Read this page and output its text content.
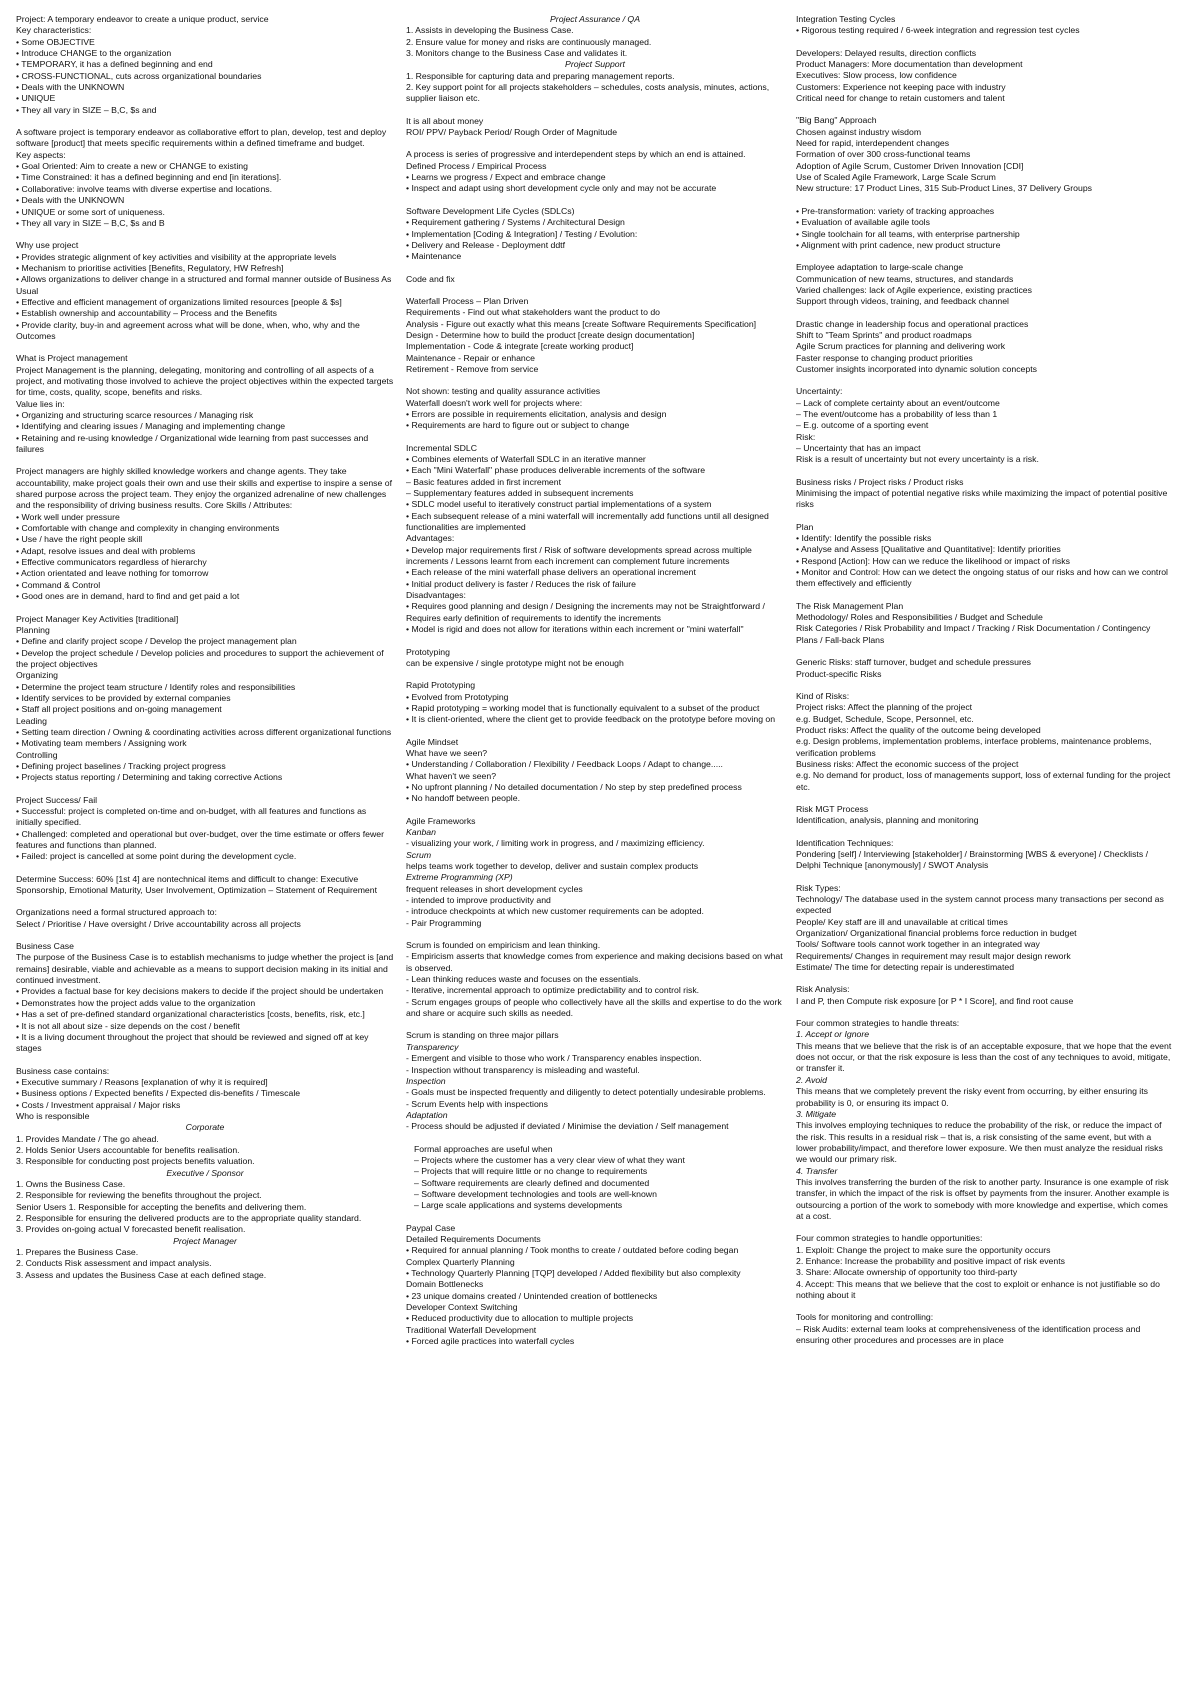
Project: A temporary endeavor to create a unique product, service
Key characteristics:
• Some OBJECTIVE
• Introduce CHANGE to the organization
• TEMPORARY, it has a defined beginning and end
• CROSS-FUNCTIONAL, cuts across organizational boundaries
• Deals with the UNKNOWN
• UNIQUE
• They all vary in SIZE – B,C, $s and
A software project is temporary endeavor as collaborative effort to plan, develop, test and deploy software [product] that meets specific requirements within a defined timeframe and budget.
Key aspects:
• Goal Oriented: Aim to create a new or CHANGE to existing
• Time Constrained: it has a defined beginning and end [in iterations].
• Collaborative: involve teams with diverse expertise and locations.
• Deals with the UNKNOWN
• UNIQUE or some sort of uniqueness.
• They all vary in SIZE – B,C, $s and B
Why use project
• Provides strategic alignment of key activities and visibility at the appropriate levels
• Mechanism to prioritise activities [Benefits, Regulatory, HW Refresh]
• Allows organizations to deliver change in a structured and formal manner outside of Business As Usual
• Effective and efficient management of organizations limited resources [people & $s]
• Establish ownership and accountability – Process and the Benefits
• Provide clarity, buy-in and agreement across what will be done, when, who, why and the Outcomes
What is Project management
Project Management is the planning, delegating, monitoring and controlling of all aspects of a project, and motivating those involved to achieve the project objectives within the expected targets for time, costs, quality, scope, benefits and risks.
Value lies in:
• Organizing and structuring scarce resources / Managing risk
• Identifying and clearing issues / Managing and implementing change
• Retaining and re-using knowledge / Organizational wide learning from past successes and failures
Project managers are highly skilled knowledge workers and change agents. They take accountability, make project goals their own and use their skills and expertise to inspire a sense of shared purpose across the project team. They enjoy the organized adrenaline of new challenges and the responsibility of driving business results. Core Skills / Attributes:
• Work well under pressure
• Comfortable with change and complexity in changing environments
• Use / have the right people skill
• Adapt, resolve issues and deal with problems
• Effective communicators regardless of hierarchy
• Action orientated and leave nothing for tomorrow
• Command & Control
• Good ones are in demand, hard to find and get paid a lot
Project Manager Key Activities [traditional]
Planning
• Define and clarify project scope / Develop the project management plan
• Develop the project schedule / Develop policies and procedures to support the achievement of the project objectives
Organizing
• Determine the project team structure / Identify roles and responsibilities
• Identify services to be provided by external companies
• Staff all project positions and on-going management
Leading
• Setting team direction / Owning & coordinating activities across different organizational functions
• Motivating team members / Assigning work
Controlling
• Defining project baselines / Tracking project progress
• Projects status reporting / Determining and taking corrective Actions
Project Success/ Fail
• Successful: project is completed on-time and on-budget, with all features and functions as initially specified.
• Challenged: completed and operational but over-budget, over the time estimate or offers fewer features and functions than planned.
• Failed: project is cancelled at some point during the development cycle.
Determine Success: 60% [1st 4] are nontechnical items and difficult to change: Executive Sponsorship, Emotional Maturity, User Involvement, Optimization – Statement of Requirement
Organizations need a formal structured approach to:
Select / Prioritise / Have oversight / Drive accountability across all projects
Business Case
The purpose of the Business Case is to establish mechanisms to judge whether the project is [and remains] desirable, viable and achievable as a means to support decision making in its initial and continued investment.
• Provides a factual base for key decisions makers to decide if the project should be undertaken
• Demonstrates how the project adds value to the organization
• Has a set of pre-defined standard organizational characteristics [costs, benefits, risk, etc.]
• It is not all about size - size depends on the cost / benefit
• It is a living document throughout the project that should be reviewed and signed off at key stages
Business case contains:
• Executive summary / Reasons [explanation of why it is required]
• Business options / Expected benefits / Expected dis-benefits / Timescale
• Costs / Investment appraisal / Major risks
Who is responsible
Corporate
1. Provides Mandate / The go ahead.
2. Holds Senior Users accountable for benefits realisation.
3. Responsible for conducting post projects benefits valuation.
Executive / Sponsor
1. Owns the Business Case.
2. Responsible for reviewing the benefits throughout the project.
Senior Users 1. Responsible for accepting the benefits and delivering them.
2. Responsible for ensuring the delivered products are to the appropriate quality standard.
3. Provides on-going actual V forecasted benefit realisation.
Project Manager
1. Prepares the Business Case.
2. Conducts Risk assessment and impact analysis.
3. Assess and updates the Business Case at each defined stage.
Project Assurance / QA
1. Assists in developing the Business Case.
2. Ensure value for money and risks are continuously managed.
3. Monitors change to the Business Case and validates it.
Project Support
1. Responsible for capturing data and preparing management reports.
2. Key support point for all projects stakeholders – schedules, costs analysis, minutes, actions, supplier liaison etc.
It is all about money
ROI/ PPV/ Payback Period/ Rough Order of Magnitude
A process is series of progressive and interdependent steps by which an end is attained.
Defined Process / Empirical Process
• Learns we progress / Expect and embrace change
• Inspect and adapt using short development cycle only and may not be accurate
Software Development Life Cycles (SDLCs)
• Requirement gathering / Systems / Architectural Design
• Implementation [Coding & Integration] / Testing / Evolution:
• Delivery and Release - Deployment ddtf
• Maintenance
Code and fix
Waterfall Process – Plan Driven
Requirements - Find out what stakeholders want the product to do
Analysis - Figure out exactly what this means [create Software Requirements Specification]
Design - Determine how to build the product [create design documentation]
Implementation - Code & integrate [create working product]
Maintenance - Repair or enhance
Retirement - Remove from service
Not shown: testing and quality assurance activities
Waterfall doesn't work well for projects where:
• Errors are possible in requirements elicitation, analysis and design
• Requirements are hard to figure out or subject to change
Incremental SDLC
• Combines elements of Waterfall SDLC in an iterative manner
• Each "Mini Waterfall" phase produces deliverable increments of the software
– Basic features added in first increment
– Supplementary features added in subsequent increments
• SDLC model useful to iteratively construct partial implementations of a system
• Each subsequent release of a mini waterfall will incrementally add functions until all designed functionalities are implemented
Advantages:
• Develop major requirements first / Risk of software developments spread across multiple increments / Lessons learnt from each increment can complement future increments
• Each release of the mini waterfall phase delivers an operational increment
• Initial product delivery is faster / Reduces the risk of failure
Disadvantages:
• Requires good planning and design / Designing the increments may not be Straightforward / Requires early definition of requirements to identify the increments
• Model is rigid and does not allow for iterations within each increment or "mini waterfall"
Prototyping
can be expensive / single prototype might not be enough
Rapid Prototyping
• Evolved from Prototyping
• Rapid prototyping = working model that is functionally equivalent to a subset of the product
• It is client-oriented, where the client get to provide feedback on the prototype before moving on
Agile Mindset
What have we seen?
• Understanding / Collaboration / Flexibility / Feedback Loops / Adapt to change.....
What haven't we seen?
• No upfront planning / No detailed documentation / No step by step predefined process
• No handoff between people.
Agile Frameworks
Kanban
- visualizing your work, / limiting work in progress, and / maximizing efficiency.
Scrum
helps teams work together to develop, deliver and sustain complex products
Extreme Programming (XP)
frequent releases in short development cycles
- intended to improve productivity and
- introduce checkpoints at which new customer requirements can be adopted.
- Pair Programming
Scrum is founded on empiricism and lean thinking.
- Empiricism asserts that knowledge comes from experience and making decisions based on what is observed.
- Lean thinking reduces waste and focuses on the essentials.
- Iterative, incremental approach to optimize predictability and to control risk.
- Scrum engages groups of people who collectively have all the skills and expertise to do the work and share or acquire such skills as needed.
Scrum is standing on three major pillars
Transparency
- Emergent and visible to those who work / Transparency enables inspection.
- Inspection without transparency is misleading and wasteful.
Inspection
- Goals must be inspected frequently and diligently to detect potentially undesirable problems.
- Scrum Events help with inspections
Adaptation
- Process should be adjusted if deviated / Minimise the deviation / Self management
Formal approaches are useful when
– Projects where the customer has a very clear view of what they want
– Projects that will require little or no change to requirements
– Software requirements are clearly defined and documented
– Software development technologies and tools are well-known
– Large scale applications and systems developments
Paypal Case
Detailed Requirements Documents
• Required for annual planning / Took months to create / outdated before coding began
Complex Quarterly Planning
• Technology Quarterly Planning [TQP] developed / Added flexibility but also complexity
Domain Bottlenecks
• 23 unique domains created / Unintended creation of bottlenecks
Developer Context Switching
• Reduced productivity due to allocation to multiple projects
Traditional Waterfall Development
• Forced agile practices into waterfall cycles
Integration Testing Cycles
• Rigorous testing required / 6-week integration and regression test cycles
Developers: Delayed results, direction conflicts
Product Managers: More documentation than development
Executives: Slow process, low confidence
Customers: Experience not keeping pace with industry
Critical need for change to retain customers and talent
"Big Bang" Approach
Chosen against industry wisdom
Need for rapid, interdependent changes
Formation of over 300 cross-functional teams
Adoption of Agile Scrum, Customer Driven Innovation [CDI]
Use of Scaled Agile Framework, Large Scale Scrum
New structure: 17 Product Lines, 315 Sub-Product Lines, 37 Delivery Groups
• Pre-transformation: variety of tracking approaches
• Evaluation of available agile tools
• Single toolchain for all teams, with enterprise partnership
• Alignment with print cadence, new product structure
Employee adaptation to large-scale change
Communication of new teams, structures, and standards
Varied challenges: lack of Agile experience, existing practices
Support through videos, training, and feedback channel
Drastic change in leadership focus and operational practices
Shift to "Team Sprints" and product roadmaps
Agile Scrum practices for planning and delivering work
Faster response to changing product priorities
Customer insights incorporated into dynamic solution concepts
Uncertainty:
– Lack of complete certainty about an event/outcome
– The event/outcome has a probability of less than 1
– E.g. outcome of a sporting event
Risk:
– Uncertainty that has an impact
Risk is a result of uncertainty but not every uncertainty is a risk.
Business risks / Project risks / Product risks
Minimising the impact of potential negative risks while maximizing the impact of potential positive risks
Plan
• Identify: Identify the possible risks
• Analyse and Assess [Qualitative and Quantitative]: Identify priorities
• Respond [Action]: How can we reduce the likelihood or impact of risks
• Monitor and Control: How can we detect the ongoing status of our risks and how can we control them effectively and efficiently
The Risk Management Plan
Methodology/ Roles and Responsibilities / Budget and Schedule
Risk Categories / Risk Probability and Impact / Tracking / Risk Documentation / Contingency Plans / Fall-back Plans
Generic Risks: staff turnover, budget and schedule pressures
Product-specific Risks
Kind of Risks:
Project risks: Affect the planning of the project
e.g. Budget, Schedule, Scope, Personnel, etc.
Product risks: Affect the quality of the outcome being developed
e.g. Design problems, implementation problems, interface problems, maintenance problems, verification problems
Business risks: Affect the economic success of the project
e.g. No demand for product, loss of managements support, loss of external funding for the project etc.
Risk MGT Process
Identification, analysis, planning and monitoring
Identification Techniques:
Pondering [self] / Interviewing [stakeholder] / Brainstorming [WBS & everyone] / Checklists / Delphi Technique [anonymously] / SWOT Analysis
Risk Types:
Technology/ The database used in the system cannot process many transactions per second as expected
People/ Key staff are ill and unavailable at critical times
Organization/ Organizational financial problems force reduction in budget
Tools/ Software tools cannot work together in an integrated way
Requirements/ Changes in requirement may result major design rework
Estimate/ The time for detecting repair is underestimated
Risk Analysis:
I and P, then Compute risk exposure [or P * I Score], and find root cause
Four common strategies to handle threats:
1. Accept or Ignore
This means that we believe that the risk is of an acceptable exposure, that we hope that the event does not occur, or that the risk exposure is less than the cost of any techniques to avoid, mitigate, or transfer it.
2. Avoid
This means that we completely prevent the risky event from occurring, by either ensuring its probability is 0, or ensuring its impact 0.
3. Mitigate
This involves employing techniques to reduce the probability of the risk, or reduce the impact of the risk. This results in a residual risk – that is, a risk consisting of the same event, but with a lower probability/impact, and therefore lower exposure. We then must analyze the residual risks we would our primary risk.
4. Transfer
This involves transferring the burden of the risk to another party. Insurance is one example of risk transfer, in which the impact of the risk is offset by payments from the insurer. Another example is outsourcing a portion of the work to somebody with more knowledge and expertise, which comes at a cost.
Four common strategies to handle opportunities:
1. Exploit: Change the project to make sure the opportunity occurs
2. Enhance: Increase the probability and positive impact of risk events
3. Share: Allocate ownership of opportunity too third-party
4. Accept: This means that we believe that the cost to exploit or enhance is not justifiable so do nothing about it
Tools for monitoring and controlling:
– Risk Audits: external team looks at comprehensiveness of the identification process and ensuring other procedures and processes are in place
